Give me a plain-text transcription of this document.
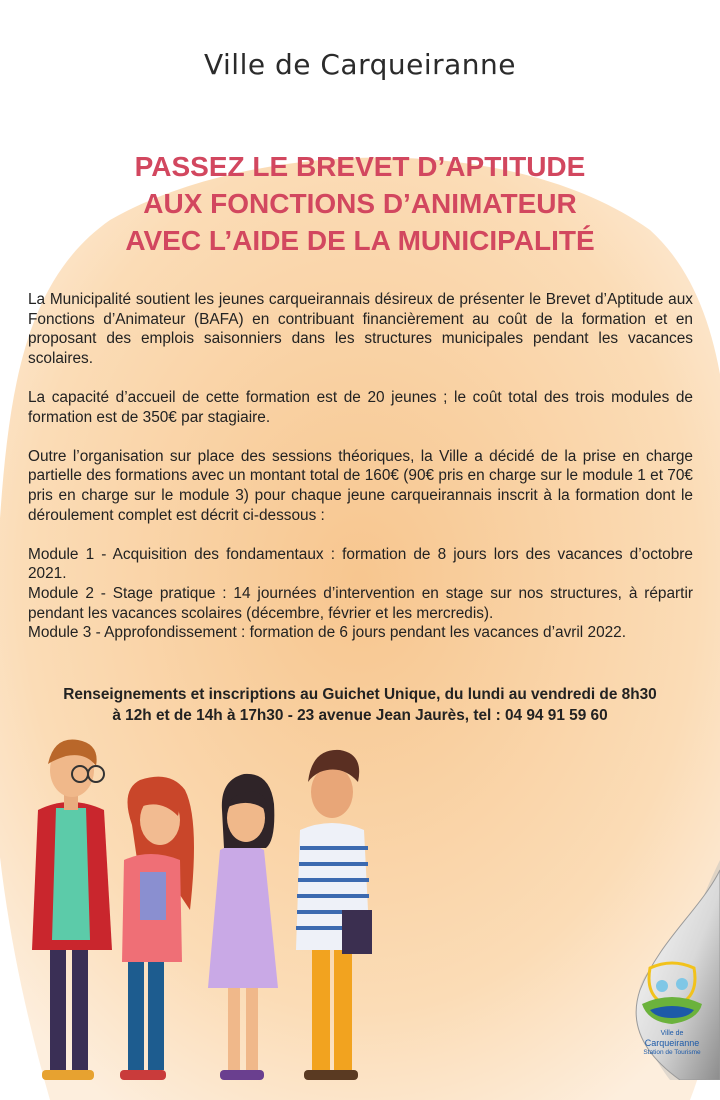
Ville de Carqueiranne
PASSEZ LE BREVET D’APTITUDE
AUX FONCTIONS D’ANIMATEUR
AVEC L’AIDE DE LA MUNICIPALITÉ

La Municipalité soutient les jeunes carqueirannais désireux de présenter le Brevet d’Aptitude aux Fonctions d’Animateur (BAFA) en contribuant financièrement au coût de la formation et en proposant des emplois saisonniers dans les structures municipales pendant les vacances scolaires.

La capacité d’accueil de cette formation est de 20 jeunes ; le coût total des trois modules de formation est de 350€ par stagiaire.

Outre l’organisation sur place des sessions théoriques, la Ville a décidé de la prise en charge partielle des formations avec un montant total de 160€ (90€ pris en charge sur le module 1 et 70€ pris en charge sur le module 3) pour chaque jeune carqueirannais inscrit à la formation dont le déroulement complet est décrit ci-dessous :

Module 1 - Acquisition des fondamentaux : formation de 8 jours lors des vacances d’octobre 2021.

Module 2 - Stage pratique : 14 journées d’intervention en stage sur nos structures, à répartir pendant les vacances scolaires (décembre, février et les mercredis).

Module 3 - Approfondissement : formation de 6 jours pendant les vacances d’avril 2022.

Renseignements et inscriptions au Guichet Unique, du lundi au vendredi de 8h30
à 12h et de 14h à 17h30 - 23 avenue Jean Jaurès, tel : 04 94 91 59 60
Ville de
Carqueiranne
Station de Tourisme
